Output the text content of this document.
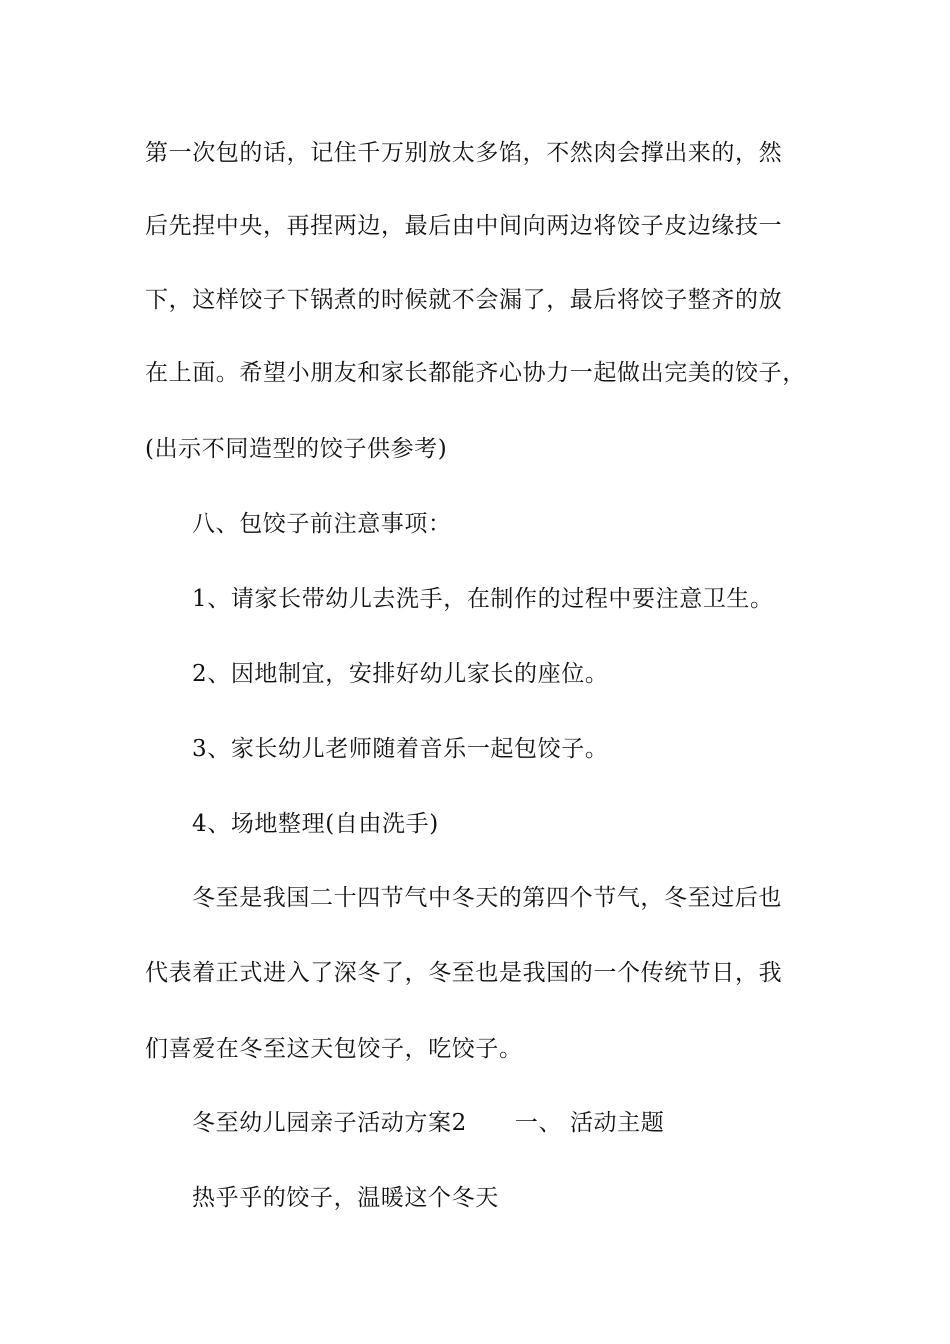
第一次包的话，记住千万别放太多馅，不然肉会撑出来的，然
后先捏中央，再捏两边，最后由中间向两边将饺子皮边缘技一
下，这样饺子下锅煮的时候就不会漏了，最后将饺子整齐的放
在上面。希望小朋友和家长都能齐心协力一起做出完美的饺子，
(出示不同造型的饺子供参考)
八、包饺子前注意事项：
1、请家长带幼儿去洗手，在制作的过程中要注意卫生。
2、因地制宜，安排好幼儿家长的座位。
3、家长幼儿老师随着音乐一起包饺子。
4、场地整理(自由洗手)
冬至是我国二十四节气中冬天的第四个节气，冬至过后也
代表着正式进入了深冬了，冬至也是我国的一个传统节日，我
们喜爱在冬至这天包饺子，吃饺子。
冬至幼儿园亲子活动方案2 一、 活动主题
热乎乎的饺子，温暖这个冬天
